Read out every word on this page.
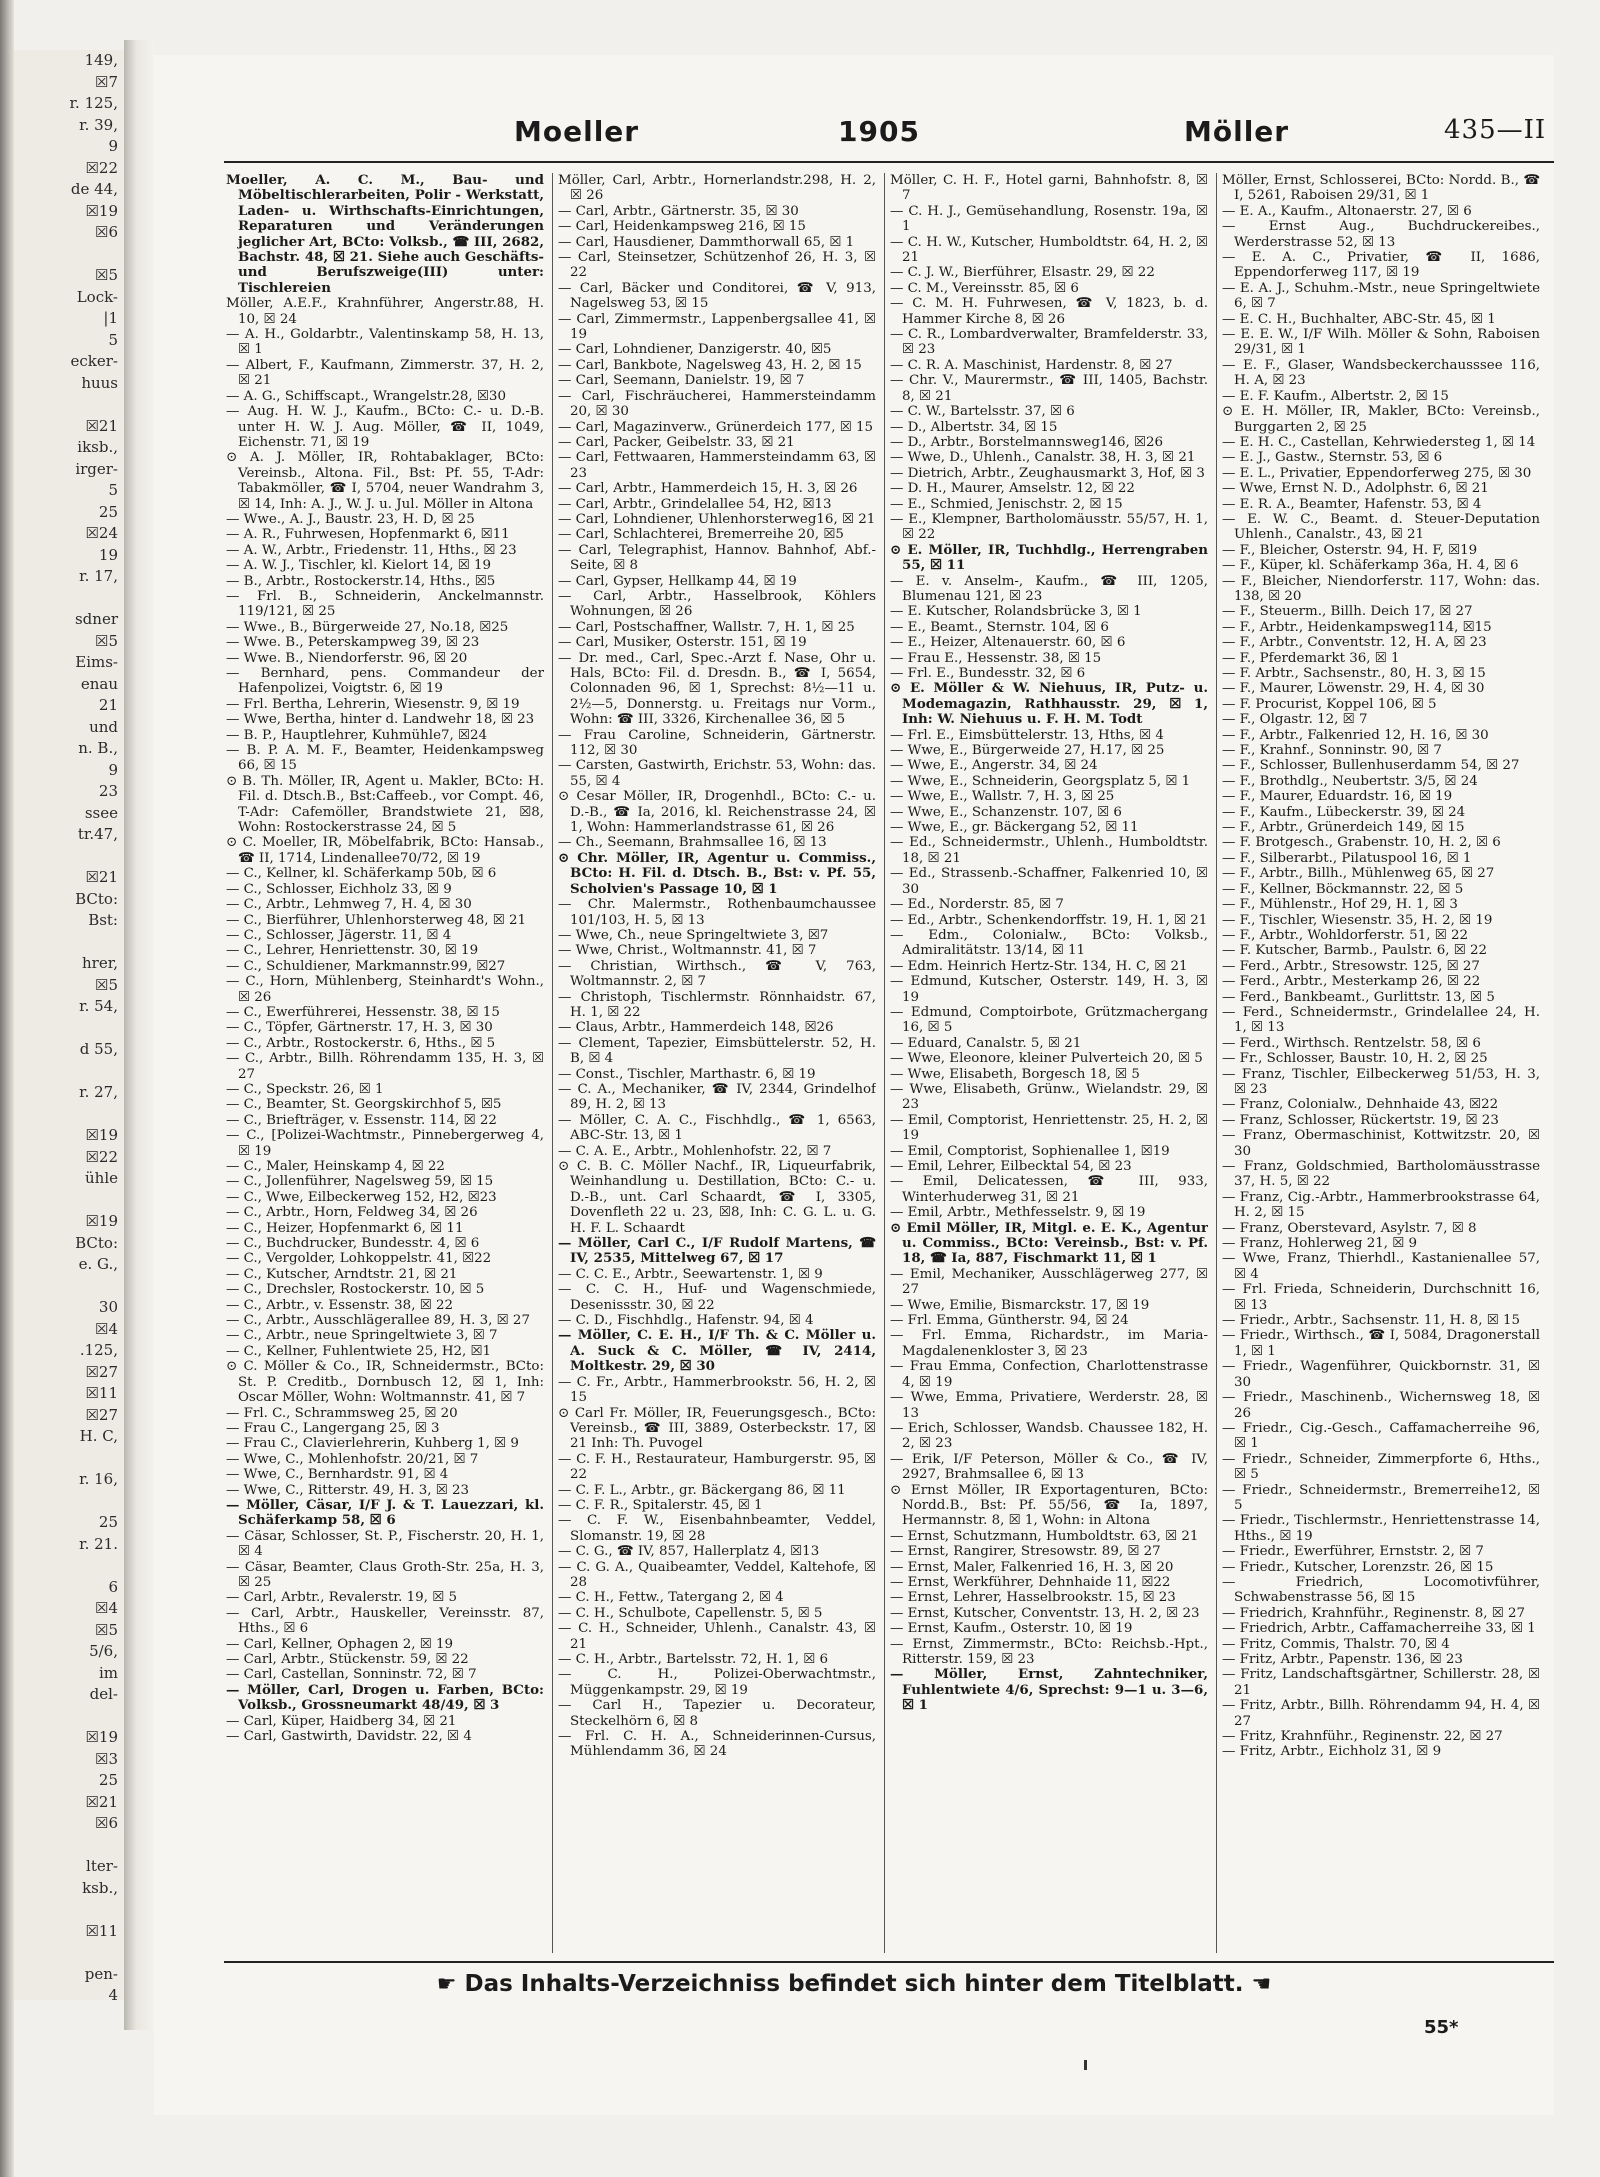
149,
☒7
r. 125,
r. 39,
9
☒22
de 44,
☒19
☒6

☒5
Lock-
|1
5
ecker-
huus

☒21
iksb.,
irger-
5
25
☒24
19
r. 17,

sdner
☒5
Eims-
enau
21
und
n. B.,
9
23
ssee
tr.47,

☒21
BCto:
Bst:

hrer,
☒5
r. 54,

d 55,

r. 27,

☒19
☒22
ühle

☒19
BCto:
e. G.,

30
☒4
.125,
☒27
☒11
☒27
H. C,

r. 16,

25
r. 21.

6
☒4
☒5
5/6,
im
del-

☒19
☒3
25
☒21
☒6

lter-
ksb.,

☒11

pen-
4
Moeller	1905	Möller	435—II
Moeller, A. C. M., Bau- und Möbeltischlerarbeiten, Polir - Werkstatt, Laden- u. Wirthschafts-Einrichtungen, Reparaturen und Veränderungen jeglicher Art, BCto: Volksb., ☎ III, 2682, Bachstr. 48, ☒ 21. Siehe auch Geschäfts- und Berufszweige(III) unter: Tischlereien
Möller, A.E.F., Krahnführer, Angerstr.88, H. 10, ☒ 24
— A. H., Goldarbtr., Valentinskamp 58, H. 13, ☒ 1
— Albert, F., Kaufmann, Zimmerstr. 37, H. 2, ☒ 21
— A. G., Schiffscapt., Wrangelstr.28, ☒30
— Aug. H. W. J., Kaufm., BCto: C.- u. D.-B. unter H. W. J. Aug. Möller, ☎ II, 1049, Eichenstr. 71, ☒ 19
⊙ A. J. Möller, IR, Rohtabaklager, BCto: Vereinsb., Altona. Fil., Bst: Pf. 55, T-Adr: Tabakmöller, ☎ I, 5704, neuer Wandrahm 3, ☒ 14, Inh: A. J., W. J. u. Jul. Möller in Altona
— Wwe., A. J., Baustr. 23, H. D, ☒ 25
— A. R., Fuhrwesen, Hopfenmarkt 6, ☒11
— A. W., Arbtr., Friedenstr. 11, Hths., ☒ 23
— A. W. J., Tischler, kl. Kielort 14, ☒ 19
— B., Arbtr., Rostockerstr.14, Hths., ☒5
— Frl. B., Schneiderin, Anckelmannstr. 119/121, ☒ 25
— Wwe., B., Bürgerweide 27, No.18, ☒25
— Wwe. B., Peterskampweg 39, ☒ 23
— Wwe. B., Niendorferstr. 96, ☒ 20
— Bernhard, pens. Commandeur der Hafenpolizei, Voigtstr. 6, ☒ 19
— Frl. Bertha, Lehrerin, Wiesenstr. 9, ☒ 19
— Wwe, Bertha, hinter d. Landwehr 18, ☒ 23
— B. P., Hauptlehrer, Kuhmühle7, ☒24
— B. P. A. M. F., Beamter, Heidenkampsweg 66, ☒ 15
⊙ B. Th. Möller, IR, Agent u. Makler, BCto: H. Fil. d. Dtsch.B., Bst:Caffeeb., vor Compt. 46, T-Adr: Cafemöller, Brandstwiete 21, ☒8, Wohn: Rostockerstrasse 24, ☒ 5
⊙ C. Moeller, IR, Möbelfabrik, BCto: Hansab., ☎ II, 1714, Lindenallee70/72, ☒ 19
— C., Kellner, kl. Schäferkamp 50b, ☒ 6
— C., Schlosser, Eichholz 33, ☒ 9
— C., Arbtr., Lehmweg 7, H. 4, ☒ 30
— C., Bierführer, Uhlenhorsterweg 48, ☒ 21
— C., Schlosser, Jägerstr. 11, ☒ 4
— C., Lehrer, Henriettenstr. 30, ☒ 19
— C., Schuldiener, Markmannstr.99, ☒27
— C., Horn, Mühlenberg, Steinhardt's Wohn., ☒ 26
— C., Ewerführerei, Hessenstr. 38, ☒ 15
— C., Töpfer, Gärtnerstr. 17, H. 3, ☒ 30
— C., Arbtr., Rostockerstr. 6, Hths., ☒ 5
— C., Arbtr., Billh. Röhrendamm 135, H. 3, ☒ 27
— C., Speckstr. 26, ☒ 1
— C., Beamter, St. Georgskirchhof 5, ☒5
— C., Briefträger, v. Essenstr. 114, ☒ 22
— C., [Polizei-Wachtmstr., Pinnebergerweg 4, ☒ 19
— C., Maler, Heinskamp 4, ☒ 22
— C., Jollenführer, Nagelsweg 59, ☒ 15
— C., Wwe, Eilbeckerweg 152, H2, ☒23
— C., Arbtr., Horn, Feldweg 34, ☒ 26
— C., Heizer, Hopfenmarkt 6, ☒ 11
— C., Buchdrucker, Bundesstr. 4, ☒ 6
— C., Vergolder, Lohkoppelstr. 41, ☒22
— C., Kutscher, Arndtstr. 21, ☒ 21
— C., Drechsler, Rostockerstr. 10, ☒ 5
— C., Arbtr., v. Essenstr. 38, ☒ 22
— C., Arbtr., Ausschlägerallee 89, H. 3, ☒ 27
— C., Arbtr., neue Springeltwiete 3, ☒ 7
— C., Kellner, Fuhlentwiete 25, H2, ☒1
⊙ C. Möller & Co., IR, Schneidermstr., BCto: St. P. Creditb., Dornbusch 12, ☒ 1, Inh: Oscar Möller, Wohn: Woltmannstr. 41, ☒ 7
— Frl. C., Schrammsweg 25, ☒ 20
— Frau C., Langergang 25, ☒ 3
— Frau C., Clavierlehrerin, Kuhberg 1, ☒ 9
— Wwe, C., Mohlenhofstr. 20/21, ☒ 7
— Wwe, C., Bernhardstr. 91, ☒ 4
— Wwe, C., Ritterstr. 49, H. 3, ☒ 23
— Möller, Cäsar, I/F J. & T. Lauezzari, kl. Schäferkamp 58, ☒ 6
— Cäsar, Schlosser, St. P., Fischerstr. 20, H. 1, ☒ 4
— Cäsar, Beamter, Claus Groth-Str. 25a, H. 3, ☒ 25
— Carl, Arbtr., Revalerstr. 19, ☒ 5
— Carl, Arbtr., Hauskeller, Vereinsstr. 87, Hths., ☒ 6
— Carl, Kellner, Ophagen 2, ☒ 19
— Carl, Arbtr., Stückenstr. 59, ☒ 22
— Carl, Castellan, Sonninstr. 72, ☒ 7
— Möller, Carl, Drogen u. Farben, BCto: Volksb., Grossneumarkt 48/49, ☒ 3
— Carl, Küper, Haidberg 34, ☒ 21
— Carl, Gastwirth, Davidstr. 22, ☒ 4
Möller, Carl, Arbtr., Hornerlandstr.298, H. 2, ☒ 26
— Carl, Arbtr., Gärtnerstr. 35, ☒ 30
— Carl, Heidenkampsweg 216, ☒ 15
— Carl, Hausdiener, Dammthorwall 65, ☒ 1
— Carl, Steinsetzer, Schützenhof 26, H. 3, ☒ 22
— Carl, Bäcker und Conditorei, ☎ V, 913, Nagelsweg 53, ☒ 15
— Carl, Zimmermstr., Lappenbergsallee 41, ☒ 19
— Carl, Lohndiener, Danzigerstr. 40, ☒5
— Carl, Bankbote, Nagelsweg 43, H. 2, ☒ 15
— Carl, Seemann, Danielstr. 19, ☒ 7
— Carl, Fischräucherei, Hammersteindamm 20, ☒ 30
— Carl, Magazinverw., Grünerdeich 177, ☒ 15
— Carl, Packer, Geibelstr. 33, ☒ 21
— Carl, Fettwaaren, Hammersteindamm 63, ☒ 23
— Carl, Arbtr., Hammerdeich 15, H. 3, ☒ 26
— Carl, Arbtr., Grindelallee 54, H2, ☒13
— Carl, Lohndiener, Uhlenhorsterweg16, ☒ 21
— Carl, Schlachterei, Bremerreihe 20, ☒5
— Carl, Telegraphist, Hannov. Bahnhof, Abf.-Seite, ☒ 8
— Carl, Gypser, Hellkamp 44, ☒ 19
— Carl, Arbtr., Hasselbrook, Köhlers Wohnungen, ☒ 26
— Carl, Postschaffner, Wallstr. 7, H. 1, ☒ 25
— Carl, Musiker, Osterstr. 151, ☒ 19
— Dr. med., Carl, Spec.-Arzt f. Nase, Ohr u. Hals, BCto: Fil. d. Dresdn. B., ☎ I, 5654, Colonnaden 96, ☒ 1, Sprechst: 8½—11 u. 2½—5, Donnerstg. u. Freitags nur Vorm., Wohn: ☎ III, 3326, Kirchenallee 36, ☒ 5
— Frau Caroline, Schneiderin, Gärtnerstr. 112, ☒ 30
— Carsten, Gastwirth, Erichstr. 53, Wohn: das. 55, ☒ 4
⊙ Cesar Möller, IR, Drogenhdl., BCto: C.- u. D.-B., ☎ Ia, 2016, kl. Reichenstrasse 24, ☒ 1, Wohn: Hammerlandstrasse 61, ☒ 26
— Ch., Seemann, Brahmsallee 16, ☒ 13
⊙ Chr. Möller, IR, Agentur u. Commiss., BCto: H. Fil. d. Dtsch. B., Bst: v. Pf. 55, Scholvien's Passage 10, ☒ 1
— Chr. Malermstr., Rothenbaumchaussee 101/103, H. 5, ☒ 13
— Wwe, Ch., neue Springeltwiete 3, ☒7
— Wwe, Christ., Woltmannstr. 41, ☒ 7
— Christian, Wirthsch., ☎ V, 763, Woltmannstr. 2, ☒ 7
— Christoph, Tischlermstr. Rönnhaidstr. 67, H. 1, ☒ 22
— Claus, Arbtr., Hammerdeich 148, ☒26
— Clement, Tapezier, Eimsbüttelerstr. 52, H. B, ☒ 4
— Const., Tischler, Marthastr. 6, ☒ 19
— C. A., Mechaniker, ☎ IV, 2344, Grindelhof 89, H. 2, ☒ 13
— Möller, C. A. C., Fischhdlg., ☎ 1, 6563, ABC-Str. 13, ☒ 1
— C. A. E., Arbtr., Mohlenhofstr. 22, ☒ 7
⊙ C. B. C. Möller Nachf., IR, Liqueurfabrik, Weinhandlung u. Destillation, BCto: C.- u. D.-B., unt. Carl Schaardt, ☎ I, 3305, Dovenfleth 22 u. 23, ☒8, Inh: C. G. L. u. G. H. F. L. Schaardt
— Möller, Carl C., I/F Rudolf Martens, ☎ IV, 2535, Mittelweg 67, ☒ 17
— C. C. E., Arbtr., Seewartenstr. 1, ☒ 9
— C. C. H., Huf- und Wagenschmiede, Desenissstr. 30, ☒ 22
— C. D., Fischhdlg., Hafenstr. 94, ☒ 4
— Möller, C. E. H., I/F Th. & C. Möller u. A. Suck & C. Möller, ☎ IV, 2414, Moltkestr. 29, ☒ 30
— C. Fr., Arbtr., Hammerbrookstr. 56, H. 2, ☒ 15
⊙ Carl Fr. Möller, IR, Feuerungsgesch., BCto: Vereinsb., ☎ III, 3889, Osterbeckstr. 17, ☒ 21 Inh: Th. Puvogel
— C. F. H., Restaurateur, Hamburgerstr. 95, ☒ 22
— C. F. L., Arbtr., gr. Bäckergang 86, ☒ 11
— C. F. R., Spitalerstr. 45, ☒ 1
— C. F. W., Eisenbahnbeamter, Veddel, Slomanstr. 19, ☒ 28
— C. G., ☎ IV, 857, Hallerplatz 4, ☒13
— C. G. A., Quaibeamter, Veddel, Kaltehofe, ☒ 28
— C. H., Fettw., Tatergang 2, ☒ 4
— C. H., Schulbote, Capellenstr. 5, ☒ 5
— C. H., Schneider, Uhlenh., Canalstr. 43, ☒ 21
— C. H., Arbtr., Bartelsstr. 72, H. 1, ☒ 6
— C. H., Polizei-Oberwachtmstr., Müggenkampstr. 29, ☒ 19
— Carl H., Tapezier u. Decorateur, Steckelhörn 6, ☒ 8
— Frl. C. H. A., Schneiderinnen-Cursus, Mühlendamm 36, ☒ 24
Möller, C. H. F., Hotel garni, Bahnhofstr. 8, ☒ 7
— C. H. J., Gemüsehandlung, Rosenstr. 19a, ☒ 1
— C. H. W., Kutscher, Humboldtstr. 64, H. 2, ☒ 21
— C. J. W., Bierführer, Elsastr. 29, ☒ 22
— C. M., Vereinsstr. 85, ☒ 6
— C. M. H. Fuhrwesen, ☎ V, 1823, b. d. Hammer Kirche 8, ☒ 26
— C. R., Lombardverwalter, Bramfelderstr. 33, ☒ 23
— C. R. A. Maschinist, Hardenstr. 8, ☒ 27
— Chr. V., Maurermstr., ☎ III, 1405, Bachstr. 8, ☒ 21
— C. W., Bartelsstr. 37, ☒ 6
— D., Albertstr. 34, ☒ 15
— D., Arbtr., Borstelmannsweg146, ☒26
— Wwe, D., Uhlenh., Canalstr. 38, H. 3, ☒ 21
— Dietrich, Arbtr., Zeughausmarkt 3, Hof, ☒ 3
— D. H., Maurer, Amselstr. 12, ☒ 22
— E., Schmied, Jenischstr. 2, ☒ 15
— E., Klempner, Bartholomäusstr. 55/57, H. 1, ☒ 22
⊙ E. Möller, IR, Tuchhdlg., Herrengraben 55, ☒ 11
— E. v. Anselm-, Kaufm., ☎ III, 1205, Blumenau 121, ☒ 23
— E. Kutscher, Rolandsbrücke 3, ☒ 1
— E., Beamt., Sternstr. 104, ☒ 6
— E., Heizer, Altenauerstr. 60, ☒ 6
— Frau E., Hessenstr. 38, ☒ 15
— Frl. E., Bundesstr. 32, ☒ 6
⊙ E. Möller & W. Niehuus, IR, Putz- u. Modemagazin, Rathhausstr. 29, ☒ 1, Inh: W. Niehuus u. F. H. M. Todt
— Frl. E., Eimsbüttelerstr. 13, Hths, ☒ 4
— Wwe, E., Bürgerweide 27, H.17, ☒ 25
— Wwe, E., Angerstr. 34, ☒ 24
— Wwe, E., Schneiderin, Georgsplatz 5, ☒ 1
— Wwe, E., Wallstr. 7, H. 3, ☒ 25
— Wwe, E., Schanzenstr. 107, ☒ 6
— Wwe, E., gr. Bäckergang 52, ☒ 11
— Ed., Schneidermstr., Uhlenh., Humboldtstr. 18, ☒ 21
— Ed., Strassenb.-Schaffner, Falkenried 10, ☒ 30
— Ed., Norderstr. 85, ☒ 7
— Ed., Arbtr., Schenkendorffstr. 19, H. 1, ☒ 21
— Edm., Colonialw., BCto: Volksb., Admiralitätstr. 13/14, ☒ 11
— Edm. Heinrich Hertz-Str. 134, H. C, ☒ 21
— Edmund, Kutscher, Osterstr. 149, H. 3, ☒ 19
— Edmund, Comptoirbote, Grützmachergang 16, ☒ 5
— Eduard, Canalstr. 5, ☒ 21
— Wwe, Eleonore, kleiner Pulverteich 20, ☒ 5
— Wwe, Elisabeth, Borgesch 18, ☒ 5
— Wwe, Elisabeth, Grünw., Wielandstr. 29, ☒ 23
— Emil, Comptorist, Henriettenstr. 25, H. 2, ☒ 19
— Emil, Comptorist, Sophienallee 1, ☒19
— Emil, Lehrer, Eilbecktal 54, ☒ 23
— Emil, Delicatessen, ☎ III, 933, Winterhuderweg 31, ☒ 21
— Emil, Arbtr., Methfesselstr. 9, ☒ 19
⊙ Emil Möller, IR, Mitgl. e. E. K., Agentur u. Commiss., BCto: Vereinsb., Bst: v. Pf. 18, ☎ Ia, 887, Fischmarkt 11, ☒ 1
— Emil, Mechaniker, Ausschlägerweg 277, ☒ 27
— Wwe, Emilie, Bismarckstr. 17, ☒ 19
— Frl. Emma, Güntherstr. 94, ☒ 24
— Frl. Emma, Richardstr., im Maria-Magdalenenkloster 3, ☒ 23
— Frau Emma, Confection, Charlottenstrasse 4, ☒ 19
— Wwe, Emma, Privatiere, Werderstr. 28, ☒ 13
— Erich, Schlosser, Wandsb. Chaussee 182, H. 2, ☒ 23
— Erik, I/F Peterson, Möller & Co., ☎ IV, 2927, Brahmsallee 6, ☒ 13
⊙ Ernst Möller, IR Exportagenturen, BCto: Nordd.B., Bst: Pf. 55/56, ☎ Ia, 1897, Hermannstr. 8, ☒ 1, Wohn: in Altona
— Ernst, Schutzmann, Humboldtstr. 63, ☒ 21
— Ernst, Rangirer, Stresowstr. 89, ☒ 27
— Ernst, Maler, Falkenried 16, H. 3, ☒ 20
— Ernst, Werkführer, Dehnhaide 11, ☒22
— Ernst, Lehrer, Hasselbrookstr. 15, ☒ 23
— Ernst, Kutscher, Conventstr. 13, H. 2, ☒ 23
— Ernst, Kaufm., Osterstr. 10, ☒ 19
— Ernst, Zimmermstr., BCto: Reichsb.-Hpt., Ritterstr. 159, ☒ 23
— Möller, Ernst, Zahntechniker, Fuhlentwiete 4/6, Sprechst: 9—1 u. 3—6, ☒ 1
Möller, Ernst, Schlosserei, BCto: Nordd. B., ☎ I, 5261, Raboisen 29/31, ☒ 1
— E. A., Kaufm., Altonaerstr. 27, ☒ 6
— Ernst Aug., Buchdruckereibes., Werderstrasse 52, ☒ 13
— E. A. C., Privatier, ☎ II, 1686, Eppendorferweg 117, ☒ 19
— E. A. J., Schuhm.-Mstr., neue Springeltwiete 6, ☒ 7
— E. C. H., Buchhalter, ABC-Str. 45, ☒ 1
— E. E. W., I/F Wilh. Möller & Sohn, Raboisen 29/31, ☒ 1
— E. F., Glaser, Wandsbeckerchausssee 116, H. A, ☒ 23
— E. F. Kaufm., Albertstr. 2, ☒ 15
⊙ E. H. Möller, IR, Makler, BCto: Vereinsb., Burggarten 2, ☒ 25
— E. H. C., Castellan, Kehrwiedersteg 1, ☒ 14
— E. J., Gastw., Sternstr. 53, ☒ 6
— E. L., Privatier, Eppendorferweg 275, ☒ 30
— Wwe, Ernst N. D., Adolphstr. 6, ☒ 21
— E. R. A., Beamter, Hafenstr. 53, ☒ 4
— E. W. C., Beamt. d. Steuer-Deputation Uhlenh., Canalstr., 43, ☒ 21
— F., Bleicher, Osterstr. 94, H. F, ☒19
— F., Küper, kl. Schäferkamp 36a, H. 4, ☒ 6
— F., Bleicher, Niendorferstr. 117, Wohn: das. 138, ☒ 20
— F., Steuerm., Billh. Deich 17, ☒ 27
— F., Arbtr., Heidenkampsweg114, ☒15
— F., Arbtr., Conventstr. 12, H. A, ☒ 23
— F., Pferdemarkt 36, ☒ 1
— F. Arbtr., Sachsenstr., 80, H. 3, ☒ 15
— F., Maurer, Löwenstr. 29, H. 4, ☒ 30
— F. Procurist, Koppel 106, ☒ 5
— F., Olgastr. 12, ☒ 7
— F., Arbtr., Falkenried 12, H. 16, ☒ 30
— F., Krahnf., Sonninstr. 90, ☒ 7
— F., Schlosser, Bullenhuserdamm 54, ☒ 27
— F., Brothdlg., Neubertstr. 3/5, ☒ 24
— F., Maurer, Eduardstr. 16, ☒ 19
— F., Kaufm., Lübeckerstr. 39, ☒ 24
— F., Arbtr., Grünerdeich 149, ☒ 15
— F. Brotgesch., Grabenstr. 10, H. 2, ☒ 6
— F., Silberarbt., Pilatuspool 16, ☒ 1
— F., Arbtr., Billh., Mühlenweg 65, ☒ 27
— F., Kellner, Böckmannstr. 22, ☒ 5
— F., Mühlenstr., Hof 29, H. 1, ☒ 3
— F., Tischler, Wiesenstr. 35, H. 2, ☒ 19
— F., Arbtr., Wohldorferstr. 51, ☒ 22
— F. Kutscher, Barmb., Paulstr. 6, ☒ 22
— Ferd., Arbtr., Stresowstr. 125, ☒ 27
— Ferd., Arbtr., Mesterkamp 26, ☒ 22
— Ferd., Bankbeamt., Gurlittstr. 13, ☒ 5
— Ferd., Schneidermstr., Grindelallee 24, H. 1, ☒ 13
— Ferd., Wirthsch. Rentzelstr. 58, ☒ 6
— Fr., Schlosser, Baustr. 10, H. 2, ☒ 25
— Franz, Tischler, Eilbeckerweg 51/53, H. 3, ☒ 23
— Franz, Colonialw., Dehnhaide 43, ☒22
— Franz, Schlosser, Rückertstr. 19, ☒ 23
— Franz, Obermaschinist, Kottwitzstr. 20, ☒ 30
— Franz, Goldschmied, Bartholomäusstrasse 37, H. 5, ☒ 22
— Franz, Cig.-Arbtr., Hammerbrookstrasse 64, H. 2, ☒ 15
— Franz, Oberstevard, Asylstr. 7, ☒ 8
— Franz, Hohlerweg 21, ☒ 9
— Wwe, Franz, Thierhdl., Kastanienallee 57, ☒ 4
— Frl. Frieda, Schneiderin, Durchschnitt 16, ☒ 13
— Friedr., Arbtr., Sachsenstr. 11, H. 8, ☒ 15
— Friedr., Wirthsch., ☎ I, 5084, Dragonerstall 1, ☒ 1
— Friedr., Wagenführer, Quickbornstr. 31, ☒ 30
— Friedr., Maschinenb., Wichernsweg 18, ☒ 26
— Friedr., Cig.-Gesch., Caffamacherreihe 96, ☒ 1
— Friedr., Schneider, Zimmerpforte 6, Hths., ☒ 5
— Friedr., Schneidermstr., Bremerreihe12, ☒ 5
— Friedr., Tischlermstr., Henriettenstrasse 14, Hths., ☒ 19
— Friedr., Ewerführer, Ernststr. 2, ☒ 7
— Friedr., Kutscher, Lorenzstr. 26, ☒ 15
— Friedrich, Locomotivführer, Schwabenstrasse 56, ☒ 15
— Friedrich, Krahnführ., Reginenstr. 8, ☒ 27
— Friedrich, Arbtr., Caffamacherreihe 33, ☒ 1
— Fritz, Commis, Thalstr. 70, ☒ 4
— Fritz, Arbtr., Papenstr. 136, ☒ 23
— Fritz, Landschaftsgärtner, Schillerstr. 28, ☒ 21
— Fritz, Arbtr., Billh. Röhrendamm 94, H. 4, ☒ 27
— Fritz, Krahnführ., Reginenstr. 22, ☒ 27
— Fritz, Arbtr., Eichholz 31, ☒ 9
☛ Das Inhalts-Verzeichniss befindet sich hinter dem Titelblatt. ☚
55*
